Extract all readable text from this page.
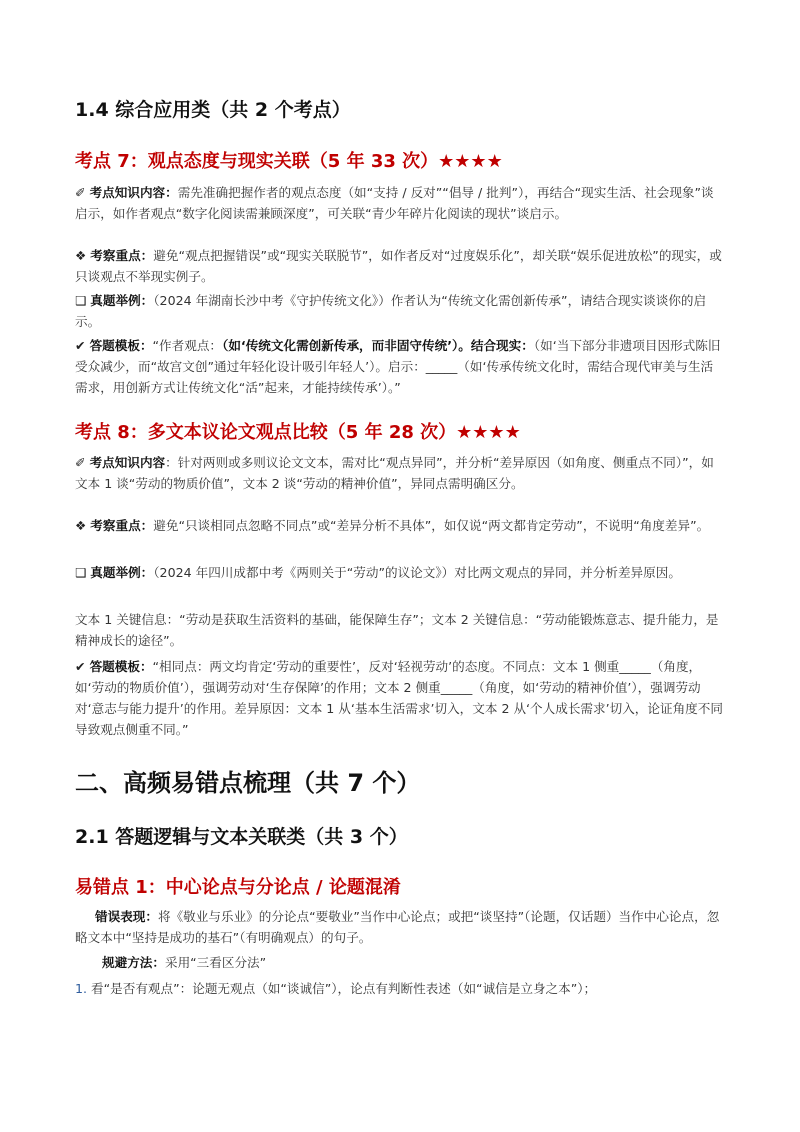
1.4 综合应用类（共 2 个考点）
考点 7：观点态度与现实关联（5 年 33 次）★★★★
✐ 考点知识内容：需先准确把握作者的观点态度（如“支持 / 反对”“倡导 / 批判”），再结合“现实生活、社会现象”谈启示，如作者观点“数字化阅读需兼顾深度”，可关联“青少年碎片化阅读的现状”谈启示。
❖ 考察重点：避免“观点把握错误”或“现实关联脱节”，如作者反对“过度娱乐化”，却关联“娱乐促进放松”的现实，或只谈观点不举现实例子。
❑ 真题举例：（2024 年湖南长沙中考《守护传统文化》）作者认为“传统文化需创新传承”，请结合现实谈谈你的启示。
✔ 答题模板：“作者观点：（如‘传统文化需创新传承，而非固守传统’）。结合现实：（如‘当下部分非遗项目因形式陈旧受众减少，而“故宫文创”通过年轻化设计吸引年轻人’）。启示：_____（如‘传承传统文化时，需结合现代审美与生活需求，用创新方式让传统文化“活”起来，才能持续传承’）。”
考点 8：多文本议论文观点比较（5 年 28 次）★★★★
✐ 考点知识内容：针对两则或多则议论文文本，需对比“观点异同”，并分析“差异原因（如角度、侧重点不同）”，如文本 1 谈“劳动的物质价值”，文本 2 谈“劳动的精神价值”，异同点需明确区分。
❖ 考察重点：避免“只谈相同点忽略不同点”或“差异分析不具体”，如仅说“两文都肯定劳动”，不说明“角度差异”。
❑ 真题举例：（2024 年四川成都中考《两则关于“劳动”的议论文》）对比两文观点的异同，并分析差异原因。
文本 1 关键信息：“劳动是获取生活资料的基础，能保障生存”；文本 2 关键信息：“劳动能锻炼意志、提升能力，是精神成长的途径”。
✔ 答题模板：“相同点：两文均肯定‘劳动的重要性’，反对‘轻视劳动’的态度。不同点：文本 1 侧重_____（角度，如‘劳动的物质价值’），强调劳动对‘生存保障’的作用；文本 2 侧重_____（角度，如‘劳动的精神价值’），强调劳动对‘意志与能力提升’的作用。差异原因：文本 1 从‘基本生活需求’切入，文本 2 从‘个人成长需求’切入，论证角度不同导致观点侧重不同。”
二、高频易错点梳理（共 7 个）
2.1 答题逻辑与文本关联类（共 3 个）
易错点 1：中心论点与分论点 / 论题混淆
错误表现：将《敬业与乐业》的分论点“要敬业”当作中心论点；或把“谈坚持”（论题，仅话题）当作中心论点，忽略文本中“坚持是成功的基石”（有明确观点）的句子。
规避方法：采用“三看区分法”
1. 看“是否有观点”：论题无观点（如“谈诚信”），论点有判断性表述（如“诚信是立身之本”）；
